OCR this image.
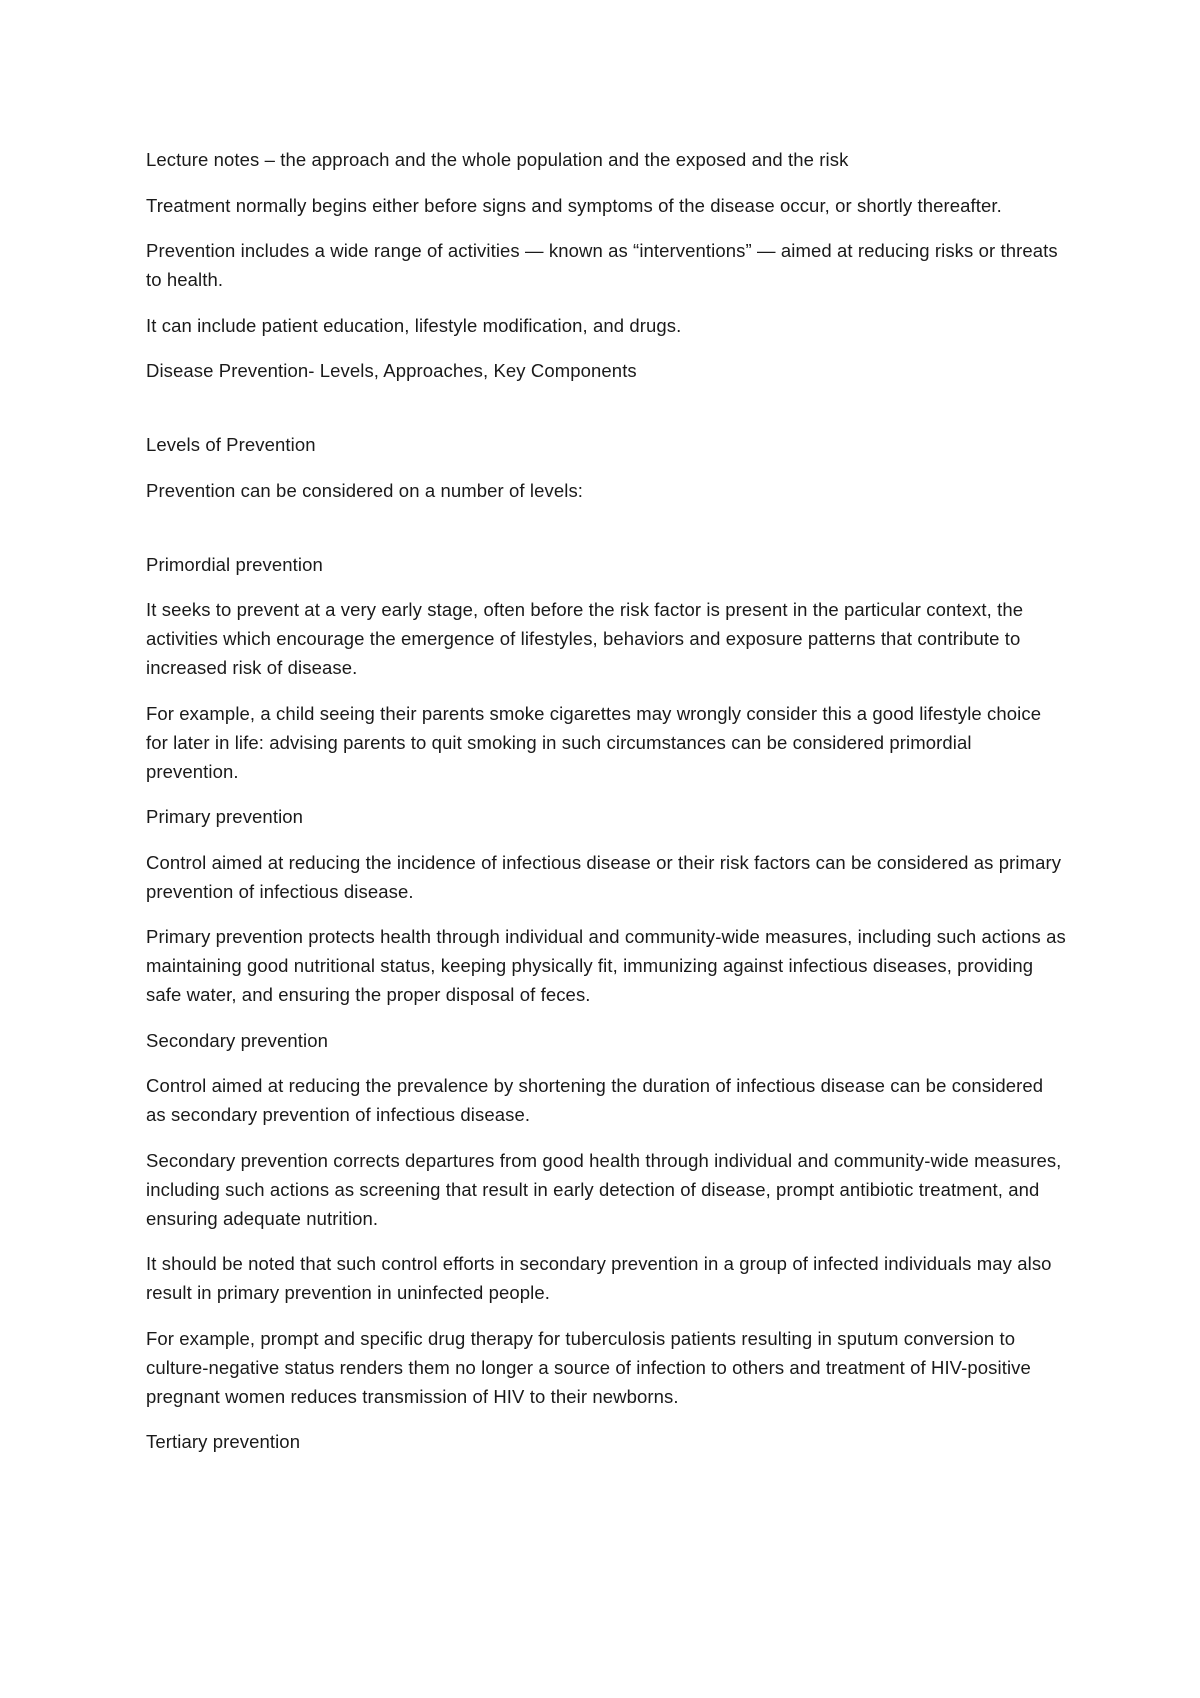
Lecture notes – the approach and the whole population and the exposed and the risk

Treatment normally begins either before signs and symptoms of the disease occur, or shortly thereafter.

Prevention includes a wide range of activities — known as “interventions” — aimed at reducing risks or threats to health.

It can include patient education, lifestyle modification, and drugs.

Disease Prevention- Levels, Approaches, Key Components

Levels of Prevention

Prevention can be considered on a number of levels:

Primordial prevention

It seeks to prevent at a very early stage, often before the risk factor is present in the particular context, the activities which encourage the emergence of lifestyles, behaviors and exposure patterns that contribute to increased risk of disease.

For example, a child seeing their parents smoke cigarettes may wrongly consider this a good lifestyle choice for later in life: advising parents to quit smoking in such circumstances can be considered primordial prevention.

Primary prevention

Control aimed at reducing the incidence of infectious disease or their risk factors can be considered as primary prevention of infectious disease.

Primary prevention protects health through individual and community-wide measures, including such actions as maintaining good nutritional status, keeping physically fit, immunizing against infectious diseases, providing safe water, and ensuring the proper disposal of feces.

Secondary prevention

Control aimed at reducing the prevalence by shortening the duration of infectious disease can be considered as secondary prevention of infectious disease.

Secondary prevention corrects departures from good health through individual and community-wide measures, including such actions as screening that result in early detection of disease, prompt antibiotic treatment, and ensuring adequate nutrition.

It should be noted that such control efforts in secondary prevention in a group of infected individuals may also result in primary prevention in uninfected people.

For example, prompt and specific drug therapy for tuberculosis patients resulting in sputum conversion to culture-negative status renders them no longer a source of infection to others and treatment of HIV-positive pregnant women reduces transmission of HIV to their newborns.

Tertiary prevention
